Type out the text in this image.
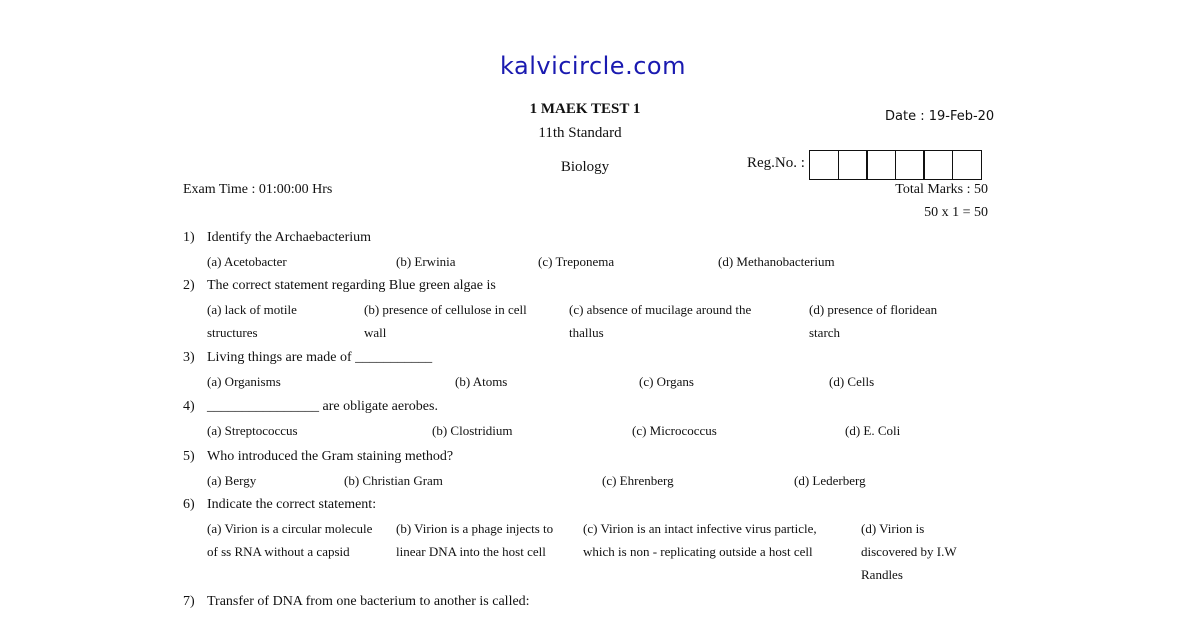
kalvicircle.com
1 MAEK TEST 1
11th Standard
Biology
Date : 19-Feb-20
Reg.No. :
Exam Time : 01:00:00 Hrs	Total Marks : 50
50 x 1 = 50
1) Identify the Archaebacterium
(a) Acetobacter	(b) Erwinia	(c) Treponema	(d) Methanobacterium
2) The correct statement regarding Blue green algae is
(a) lack of motile
structures
(b) presence of cellulose in cell
wall
(c) absence of mucilage around the
thallus
(d) presence of floridean
starch
3) Living things are made of ___________
(a) Organisms	(b) Atoms	(c) Organs	(d) Cells
4) ________________ are obligate aerobes.
(a) Streptococcus	(b) Clostridium	(c) Micrococcus	(d) E. Coli
5) Who introduced the Gram staining method?
(a) Bergy	(b) Christian Gram	(c) Ehrenberg	(d) Lederberg
6) Indicate the correct statement:
(a) Virion is a circular molecule
of ss RNA without a capsid
(b) Virion is a phage injects to
linear DNA into the host cell
(c) Virion is an intact infective virus particle,
which is non - replicating outside a host cell
(d) Virion is
discovered by I.W
Randles
7) Transfer of DNA from one bacterium to another is called:
